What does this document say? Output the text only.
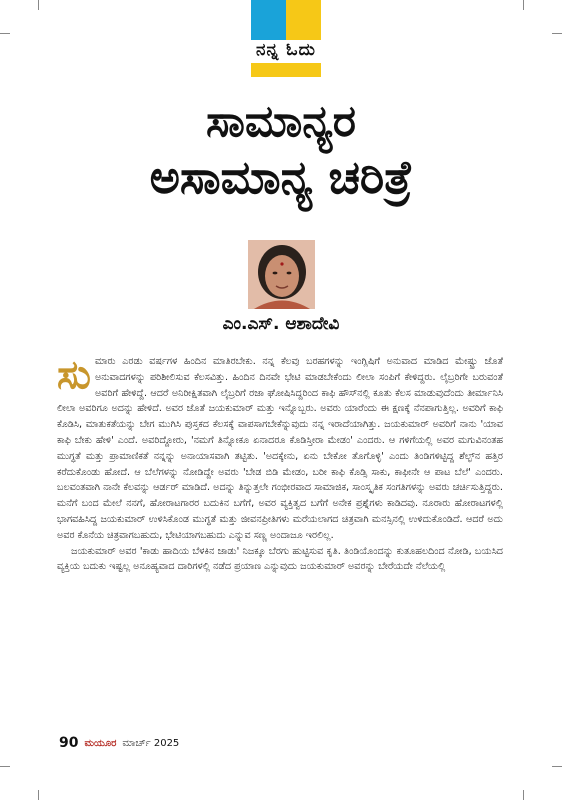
ನನ್ನ ಓದು
ಸಾಮಾನ್ಯರ
ಅಸಾಮಾನ್ಯ ಚರಿತ್ರೆ
ಎಂ.ಎಸ್. ಆಶಾದೇವಿ

ಸುಮಾರು ಎರಡು ವರ್ಷಗಳ ಹಿಂದಿನ ಮಾತಿರಬೇಕು. ನನ್ನ ಕೆಲವು ಬರಹಗಳನ್ನು ಇಂಗ್ಲಿಷಿಗೆ ಅನುವಾದ ಮಾಡಿದ ಮೇಷ್ಟ್ರು ಜೊತೆ ಅನುವಾದಗಳನ್ನು ಪರಿಶೀಲಿಸುವ ಕೆಲಸವಿತ್ತು. ಹಿಂದಿನ ದಿನವೇ ಭೇಟಿ ಮಾಡಬೇಕೆಂದು ಲೀಲಾ ಸಂಪಿಗೆ ಕೇಳಿದ್ದರು. ಲೈಬ್ರರಿಗೇ ಬರುವಂತೆ ಅವರಿಗೆ ಹೇಳಿದ್ದೆ. ಆದರೆ ಅನಿರೀಕ್ಷಿತವಾಗಿ ಲೈಬ್ರರಿಗೆ ರಜಾ ಘೋಷಿಸಿದ್ದರಿಂದ ಕಾಫಿ ಹೌಸ್‌ನಲ್ಲಿ ಕೂತು ಕೆಲಸ ಮಾಡುವುದೆಂದು ತೀರ್ಮಾನಿಸಿ ಲೀಲಾ ಅವರಿಗೂ ಅದನ್ನು ಹೇಳಿದೆ. ಅವರ ಜೊತೆ ಜಯಕುಮಾರ್ ಮತ್ತು ಇನ್ನೊಬ್ಬರು. ಅವರು ಯಾರೆಂದು ಈ ಕ್ಷಣಕ್ಕೆ ನೆನಪಾಗುತ್ತಿಲ್ಲ. ಅವರಿಗೆ ಕಾಫಿ ಕೊಡಿಸಿ, ಮಾತುಕತೆಯನ್ನು ಬೇಗ ಮುಗಿಸಿ ಪುಸ್ತಕದ ಕೆಲಸಕ್ಕೆ ವಾಪಸಾಗಬೇಕೆನ್ನುವುದು ನನ್ನ ಇರಾದೆಯಾಗಿತ್ತು. ಜಯಕುಮಾರ್ ಅವರಿಗೆ ನಾನು 'ಯಾವ ಕಾಫಿ ಬೇಕು ಹೇಳಿ' ಎಂದೆ. ಅವರಿದ್ದೋರು, 'ನಮಗೆ ತಿನ್ನೋಕೂ ಏನಾದರೂ ಕೊಡಿಸ್ತೀರಾ ಮೇಡಂ' ಎಂದರು. ಆ ಗಳಿಗೆಯಲ್ಲಿ ಅವರ ಮಗುವಿನಂತಹ ಮುಗ್ಧತೆ ಮತ್ತು ಪ್ರಾಮಾಣಿಕತೆ ನನ್ನನ್ನು ಅನಾಯಾಸವಾಗಿ ತಟ್ಟಿತು. 'ಅದಕ್ಕೇನು, ಏನು ಬೇಕೋ ತೊಗೊಳ್ಳಿ' ಎಂದು ತಿಂಡಿಗಳಿಟ್ಟಿದ್ದ ಶೆಲ್ಫ್‌ನ ಹತ್ತಿರ ಕರೆದುಕೊಂಡು ಹೋದೆ. ಆ ಬೆಲೆಗಳನ್ನು ನೋಡಿದ್ದೇ ಅವರು 'ಬೇಡ ಬಿಡಿ ಮೇಡಂ, ಬರೀ ಕಾಫಿ ಕೊಡ್ಸಿ ಸಾಕು, ಕಾಫೀನೇ ಆ ಪಾಟ ಬೆಲೆ' ಎಂದರು. ಬಲವಂತವಾಗಿ ನಾನೇ ಕೆಲವನ್ನು ಆರ್ಡರ್ ಮಾಡಿದೆ. ಅದನ್ನು ತಿನ್ನುತ್ತಲೇ ಗಂಭೀರವಾದ ಸಾಮಾಜಿಕ, ಸಾಂಸ್ಕೃತಿಕ ಸಂಗತಿಗಳನ್ನು ಅವರು ಚರ್ಚಿಸುತ್ತಿದ್ದರು. ಮನೆಗೆ ಬಂದ ಮೇಲೆ ನನಗೆ, ಹೋರಾಟಗಾರರ ಬದುಕಿನ ಬಗೆಗೆ, ಅವರ ವ್ಯಕ್ತಿತ್ವದ ಬಗೆಗೆ ಅನೇಕ ಪ್ರಶ್ನೆಗಳು ಕಾಡಿದವು. ನೂರಾರು ಹೋರಾಟಗಳಲ್ಲಿ ಭಾಗವಹಿಸಿದ್ದ ಜಯಕುಮಾರ್ ಉಳಿಸಿಕೊಂಡ ಮುಗ್ಧತೆ ಮತ್ತು ಜೀವನಪ್ರೀತಿಗಳು ಮರೆಯಲಾಗದ ಚಿತ್ರವಾಗಿ ಮನಸ್ಸಿನಲ್ಲಿ ಉಳಿದುಕೊಂಡಿದೆ. ಆದರೆ ಅದು ಅವರ ಕೊನೆಯ ಚಿತ್ರವಾಗಬಹುದು, ಭೇಟಿಯಾಗಬಹುದು ಎನ್ನುವ ಸಣ್ಣ ಅಂದಾಜೂ ಇರಲಿಲ್ಲ.

ಜಯಕುಮಾರ್ ಅವರ 'ಕಾಡು ಹಾದಿಯ ಬೆಳಕಿನ ಜಾಡು' ನಿಜಕ್ಕೂ ಬೆರಗು ಹುಟ್ಟಿಸುವ ಕೃತಿ. ತಿಂಡಿಯೊಂದನ್ನು ಕುತೂಹಲದಿಂದ ನೋಡಿ, ಬಯಸಿದ ವ್ಯಕ್ತಿಯ ಬದುಕು ಇಷ್ಟಲ್ಲ ಅನೂಹ್ಯವಾದ ದಾರಿಗಳಲ್ಲಿ ನಡೆದ ಪ್ರಯಾಣ ಎನ್ನುವುದು ಜಯಕುಮಾರ್ ಅವರನ್ನು ಬೇರೆಯದೇ ನೆಲೆಯಲ್ಲಿ

90 ಮಯೂರ ಮಾರ್ಚ್ 2025
